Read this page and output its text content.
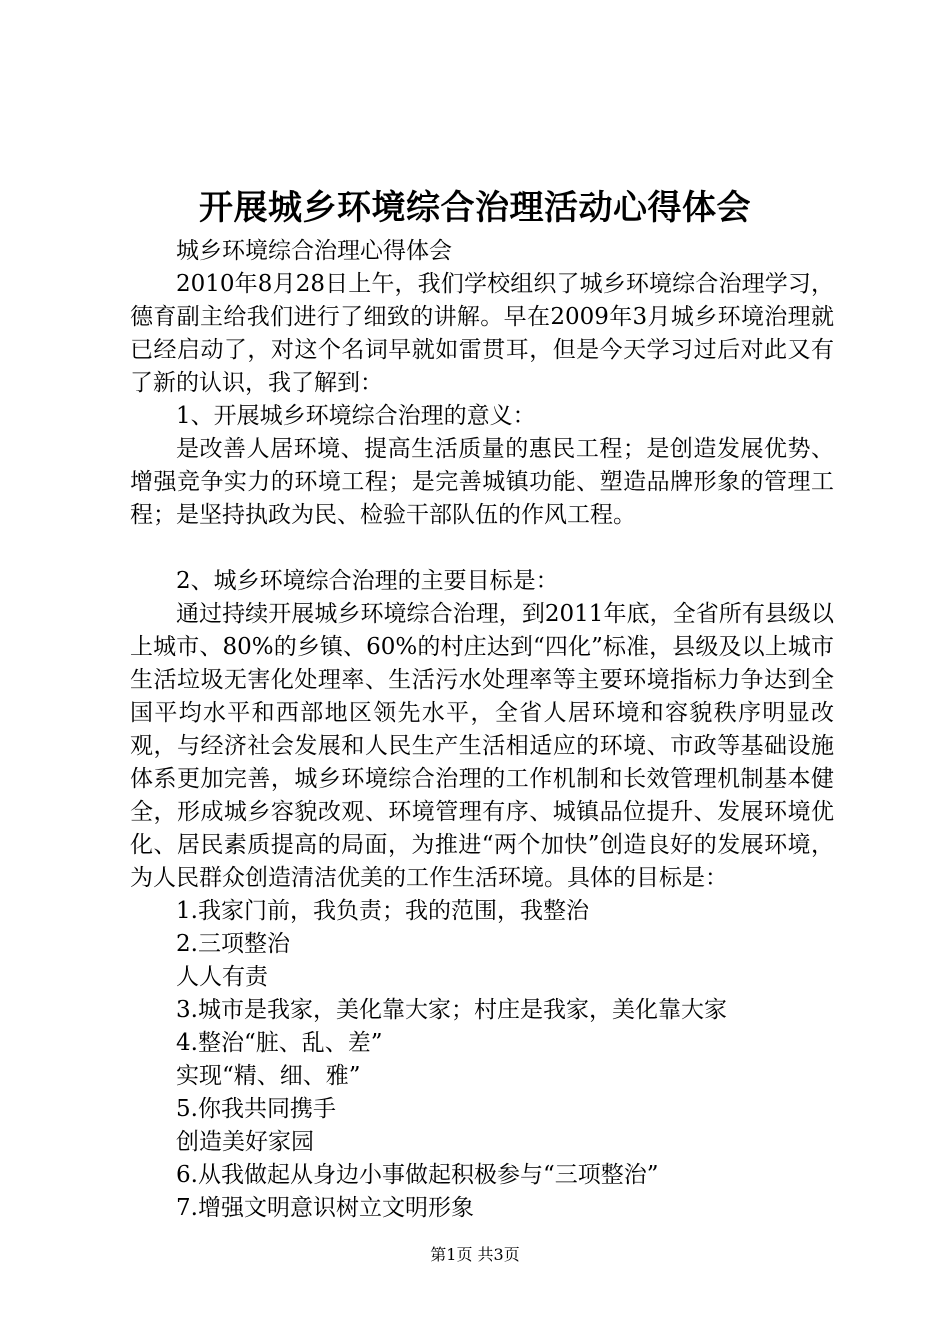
开展城乡环境综合治理活动心得体会

城乡环境综合治理心得体会

2010年8月28日上午，我们学校组织了城乡环境综合治理学习，德育副主给我们进行了细致的讲解。早在2009年3月城乡环境治理就已经启动了，对这个名词早就如雷贯耳，但是今天学习过后对此又有了新的认识，我了解到：

1、开展城乡环境综合治理的意义：

是改善人居环境、提高生活质量的惠民工程；是创造发展优势、增强竞争实力的环境工程；是完善城镇功能、塑造品牌形象的管理工程；是坚持执政为民、检验干部队伍的作风工程。

2、城乡环境综合治理的主要目标是：

通过持续开展城乡环境综合治理，到2011年底，全省所有县级以上城市、80%的乡镇、60%的村庄达到“四化”标准，县级及以上城市生活垃圾无害化处理率、生活污水处理率等主要环境指标力争达到全国平均水平和西部地区领先水平，全省人居环境和容貌秩序明显改观，与经济社会发展和人民生产生活相适应的环境、市政等基础设施体系更加完善，城乡环境综合治理的工作机制和长效管理机制基本健全，形成城乡容貌改观、环境管理有序、城镇品位提升、发展环境优化、居民素质提高的局面，为推进“两个加快”创造良好的发展环境，为人民群众创造清洁优美的工作生活环境。具体的目标是：

1.我家门前，我负责；我的范围，我整治

2.三项整治

人人有责

3.城市是我家，美化靠大家；村庄是我家，美化靠大家

4.整治“脏、乱、差”

实现“精、细、雅”

5.你我共同携手

创造美好家园

6.从我做起从身边小事做起积极参与“三项整治”

7.增强文明意识树立文明形象

第1页 共3页
